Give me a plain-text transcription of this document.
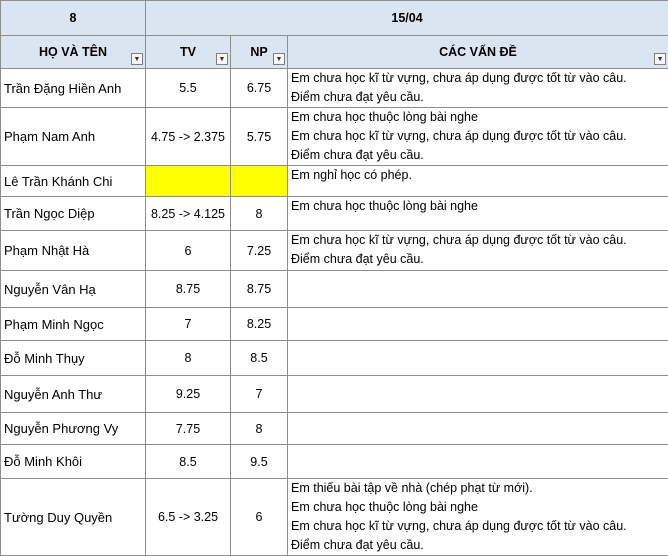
8	15/04		
HỌ VÀ TÊN ▼	TV ▼	NP ▼	CÁC VẤN ĐỀ ▼

Trần Đặng Hiền Anh	5.5	6.75	Em chưa học kĩ từ vựng, chưa áp dụng được tốt từ vào câu.
Điểm chưa đạt yêu cầu.

Phạm Nam Anh	4.75 -> 2.375	5.75	Em chưa học thuộc lòng bài nghe
Em chưa học kĩ từ vựng, chưa áp dụng được tốt từ vào câu.
Điểm chưa đạt yêu cầu.

Lê Trần Khánh Chi			Em nghỉ học có phép.

Trần Ngọc Diệp	8.25 -> 4.125	8	Em chưa học thuộc lòng bài nghe

Phạm Nhật Hà	6	7.25	Em chưa học kĩ từ vựng, chưa áp dụng được tốt từ vào câu.
Điểm chưa đạt yêu cầu.

Nguyễn Vân Hạ	8.75	8.75	
Phạm Minh Ngọc	7	8.25	
Đỗ Minh Thụy	8	8.5	
Nguyễn Anh Thư	9.25	7	
Nguyễn Phương Vy	7.75	8	
Đỗ Minh Khôi	8.5	9.5	
Tường Duy Quyền	6.5 -> 3.25	6	Em thiếu bài tập về nhà (chép phạt từ mới).
Em chưa học thuộc lòng bài nghe
Em chưa học kĩ từ vựng, chưa áp dụng được tốt từ vào câu.
Điểm chưa đạt yêu cầu.
